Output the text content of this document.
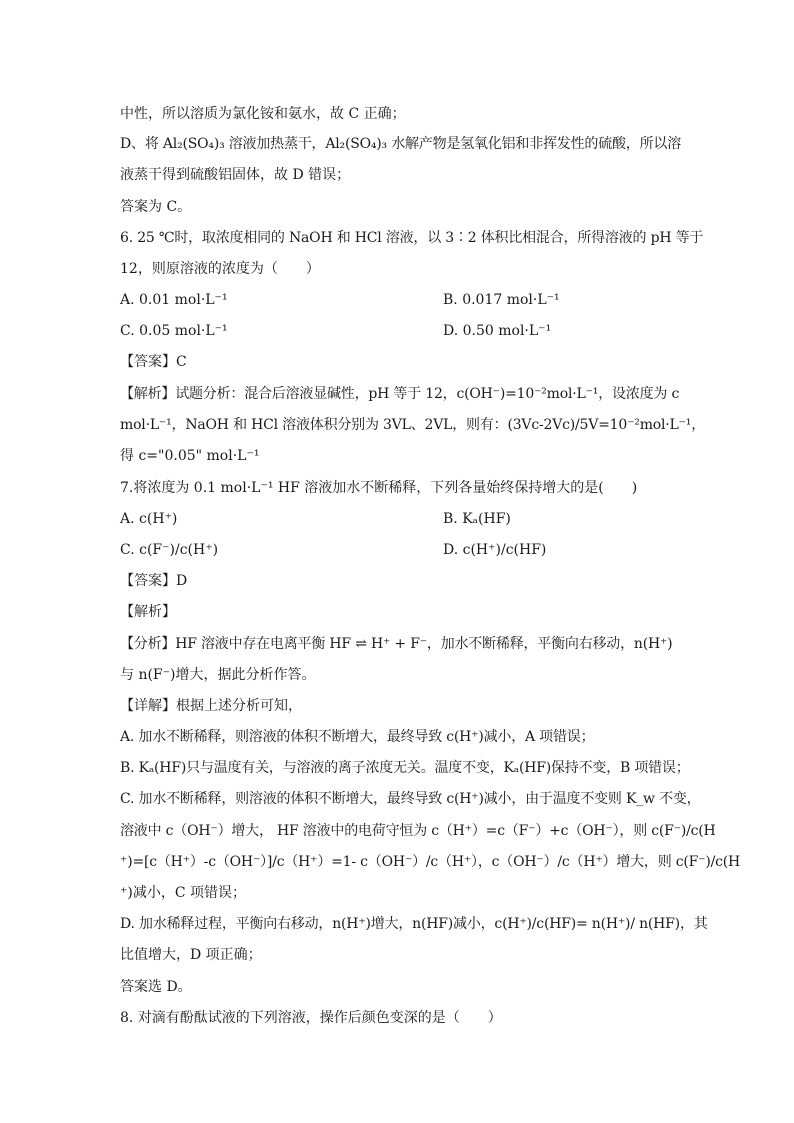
中性，所以溶质为氯化铵和氨水，故 C 正确；
D、将 Al₂(SO₄)₃ 溶液加热蒸干，Al₂(SO₄)₃ 水解产物是氢氧化铝和非挥发性的硫酸，所以溶
液蒸干得到硫酸铝固体，故 D 错误；
答案为 C。
6. 25 ℃时，取浓度相同的 NaOH 和 HCl 溶液，以 3∶2 体积比相混合，所得溶液的 pH 等于
12，则原溶液的浓度为（　　）
A. 0.01 mol·L⁻¹	B. 0.017 mol·L⁻¹
C. 0.05 mol·L⁻¹	D. 0.50 mol·L⁻¹
【答案】C
【解析】试题分析：混合后溶液显碱性，pH 等于 12，c(OH⁻)=10⁻²mol·L⁻¹，设浓度为 c
mol·L⁻¹，NaOH 和 HCl 溶液体积分别为 3VL、2VL，则有：(3Vc-2Vc)/5V=10⁻²mol·L⁻¹，
得 c="0.05" mol·L⁻¹
7.将浓度为 0.1 mol·L⁻¹ HF 溶液加水不断稀释，下列各量始终保持增大的是(　　)
A. c(H⁺)	B. Kₐ(HF)
C. c(F⁻)/c(H⁺)	D. c(H⁺)/c(HF)
【答案】D
【解析】
【分析】HF 溶液中存在电离平衡 HF ⇌ H⁺ + F⁻，加水不断稀释，平衡向右移动，n(H⁺)
与 n(F⁻)增大，据此分析作答。
【详解】根据上述分析可知，
A. 加水不断稀释，则溶液的体积不断增大，最终导致 c(H⁺)减小，A 项错误；
B. Kₐ(HF)只与温度有关，与溶液的离子浓度无关。温度不变，Kₐ(HF)保持不变，B 项错误；
C. 加水不断稀释，则溶液的体积不断增大，最终导致 c(H⁺)减小，由于温度不变则 K_w 不变，
溶液中 c（OH⁻）增大， HF 溶液中的电荷守恒为 c（H⁺）=c（F⁻）+c（OH⁻），则 c(F⁻)/c(H
⁺)=[c（H⁺）-c（OH⁻）]/c（H⁺）=1- c（OH⁻）/c（H⁺），c（OH⁻）/c（H⁺）增大，则 c(F⁻)/c(H
⁺)减小，C 项错误；
D. 加水稀释过程，平衡向右移动，n(H⁺)增大，n(HF)减小，c(H⁺)/c(HF)= n(H⁺)/ n(HF)，其
比值增大，D 项正确；
答案选 D。
8. 对滴有酚酞试液的下列溶液，操作后颜色变深的是（　　）
